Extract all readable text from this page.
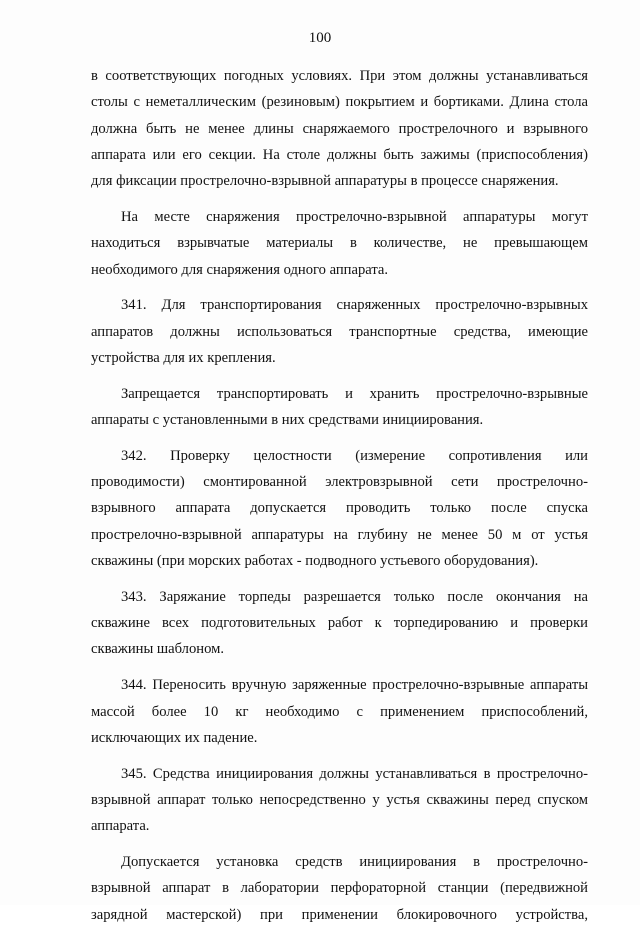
100
в соответствующих погодных условиях. При этом должны устанавливаться
столы с неметаллическим (резиновым) покрытием и бортиками. Длина стола
должна быть не менее длины снаряжаемого прострелочного и взрывного
аппарата или его секции. На столе должны быть зажимы (приспособления)
для фиксации прострелочно-взрывной аппаратуры в процессе снаряжения.
На месте снаряжения прострелочно-взрывной аппаратуры могут
находиться взрывчатые материалы в количестве, не превышающем
необходимого для снаряжения одного аппарата.
341. Для транспортирования снаряженных прострелочно-взрывных
аппаратов должны использоваться транспортные средства, имеющие
устройства для их крепления.
Запрещается транспортировать и хранить прострелочно-взрывные
аппараты с установленными в них средствами инициирования.
342. Проверку целостности (измерение сопротивления или
проводимости) смонтированной электровзрывной сети прострелочно-
взрывного аппарата допускается проводить только после спуска
прострелочно-взрывной аппаратуры на глубину не менее 50 м от устья
скважины (при морских работах - подводного устьевого оборудования).
343. Заряжание торпеды разрешается только после окончания на
скважине всех подготовительных работ к торпедированию и проверки
скважины шаблоном.
344. Переносить вручную заряженные прострелочно-взрывные аппараты
массой более 10 кг необходимо с применением приспособлений,
исключающих их падение.
345. Средства инициирования должны устанавливаться в прострелочно-
взрывной аппарат только непосредственно у устья скважины перед спуском
аппарата.
Допускается установка средств инициирования в прострелочно-
взрывной аппарат в лаборатории перфораторной станции (передвижной
зарядной мастерской) при применении блокировочного устройства,
